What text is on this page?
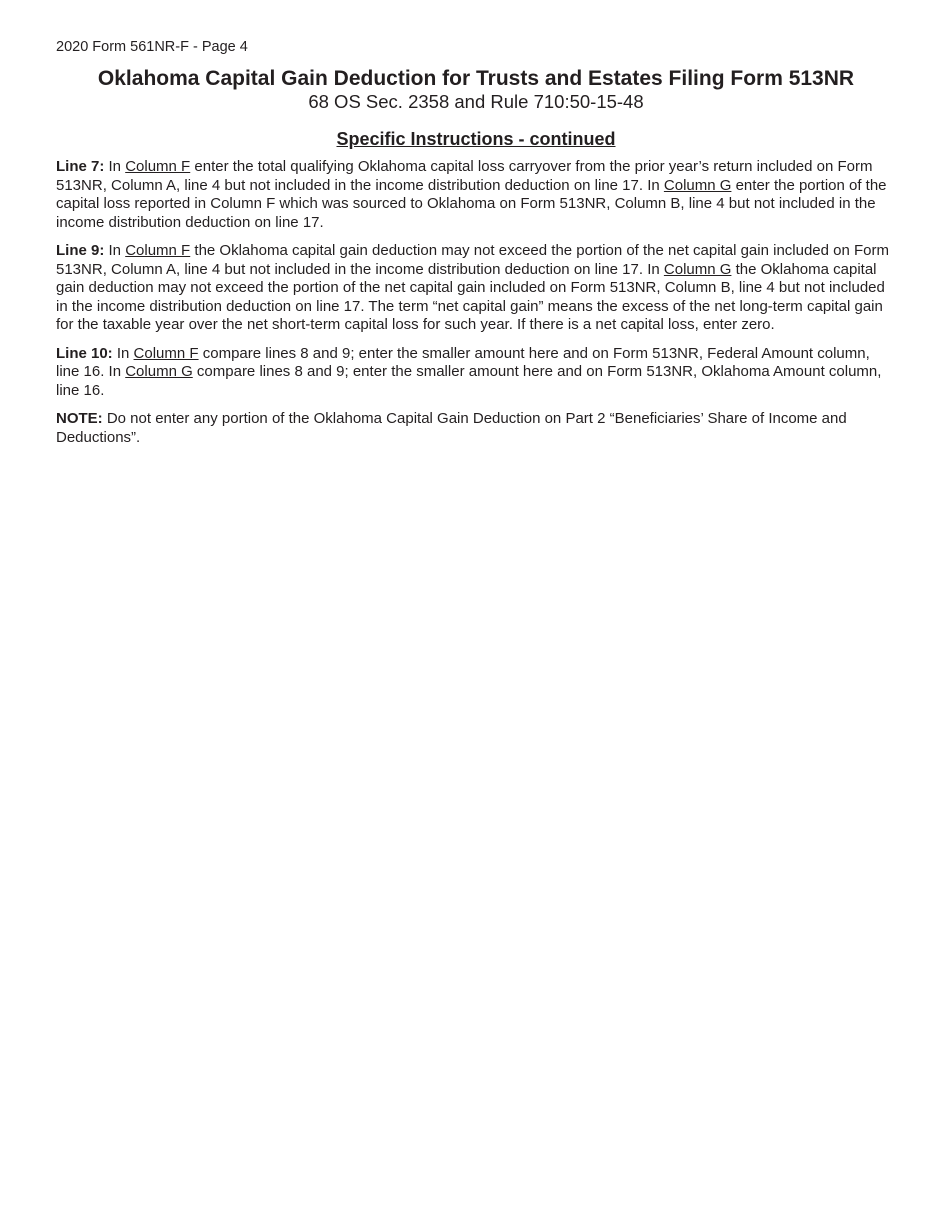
2020 Form 561NR-F - Page 4

Oklahoma Capital Gain Deduction for Trusts and Estates Filing Form 513NR

68 OS Sec. 2358 and Rule 710:50-15-48

Specific Instructions - continued

Line 7: In Column F enter the total qualifying Oklahoma capital loss carryover from the prior year’s return included on Form 513NR, Column A, line 4 but not included in the income distribution deduction on line 17. In Column G enter the portion of the capital loss reported in Column F which was sourced to Oklahoma on Form 513NR, Column B, line 4 but not included in the income distribution deduction on line 17.

Line 9: In Column F the Oklahoma capital gain deduction may not exceed the portion of the net capital gain included on Form 513NR, Column A, line 4 but not included in the income distribution deduction on line 17. In Column G the Oklahoma capital gain deduction may not exceed the portion of the net capital gain included on Form 513NR, Column B, line 4 but not included in the income distribution deduction on line 17. The term “net capital gain” means the excess of the net long-term capital gain for the taxable year over the net short-term capital loss for such year. If there is a net capital loss, enter zero.

Line 10: In Column F compare lines 8 and 9; enter the smaller amount here and on Form 513NR, Federal Amount column, line 16. In Column G compare lines 8 and 9; enter the smaller amount here and on Form 513NR, Oklahoma Amount column, line 16.

NOTE: Do not enter any portion of the Oklahoma Capital Gain Deduction on Part 2 “Beneficiaries’ Share of Income and Deductions”.
